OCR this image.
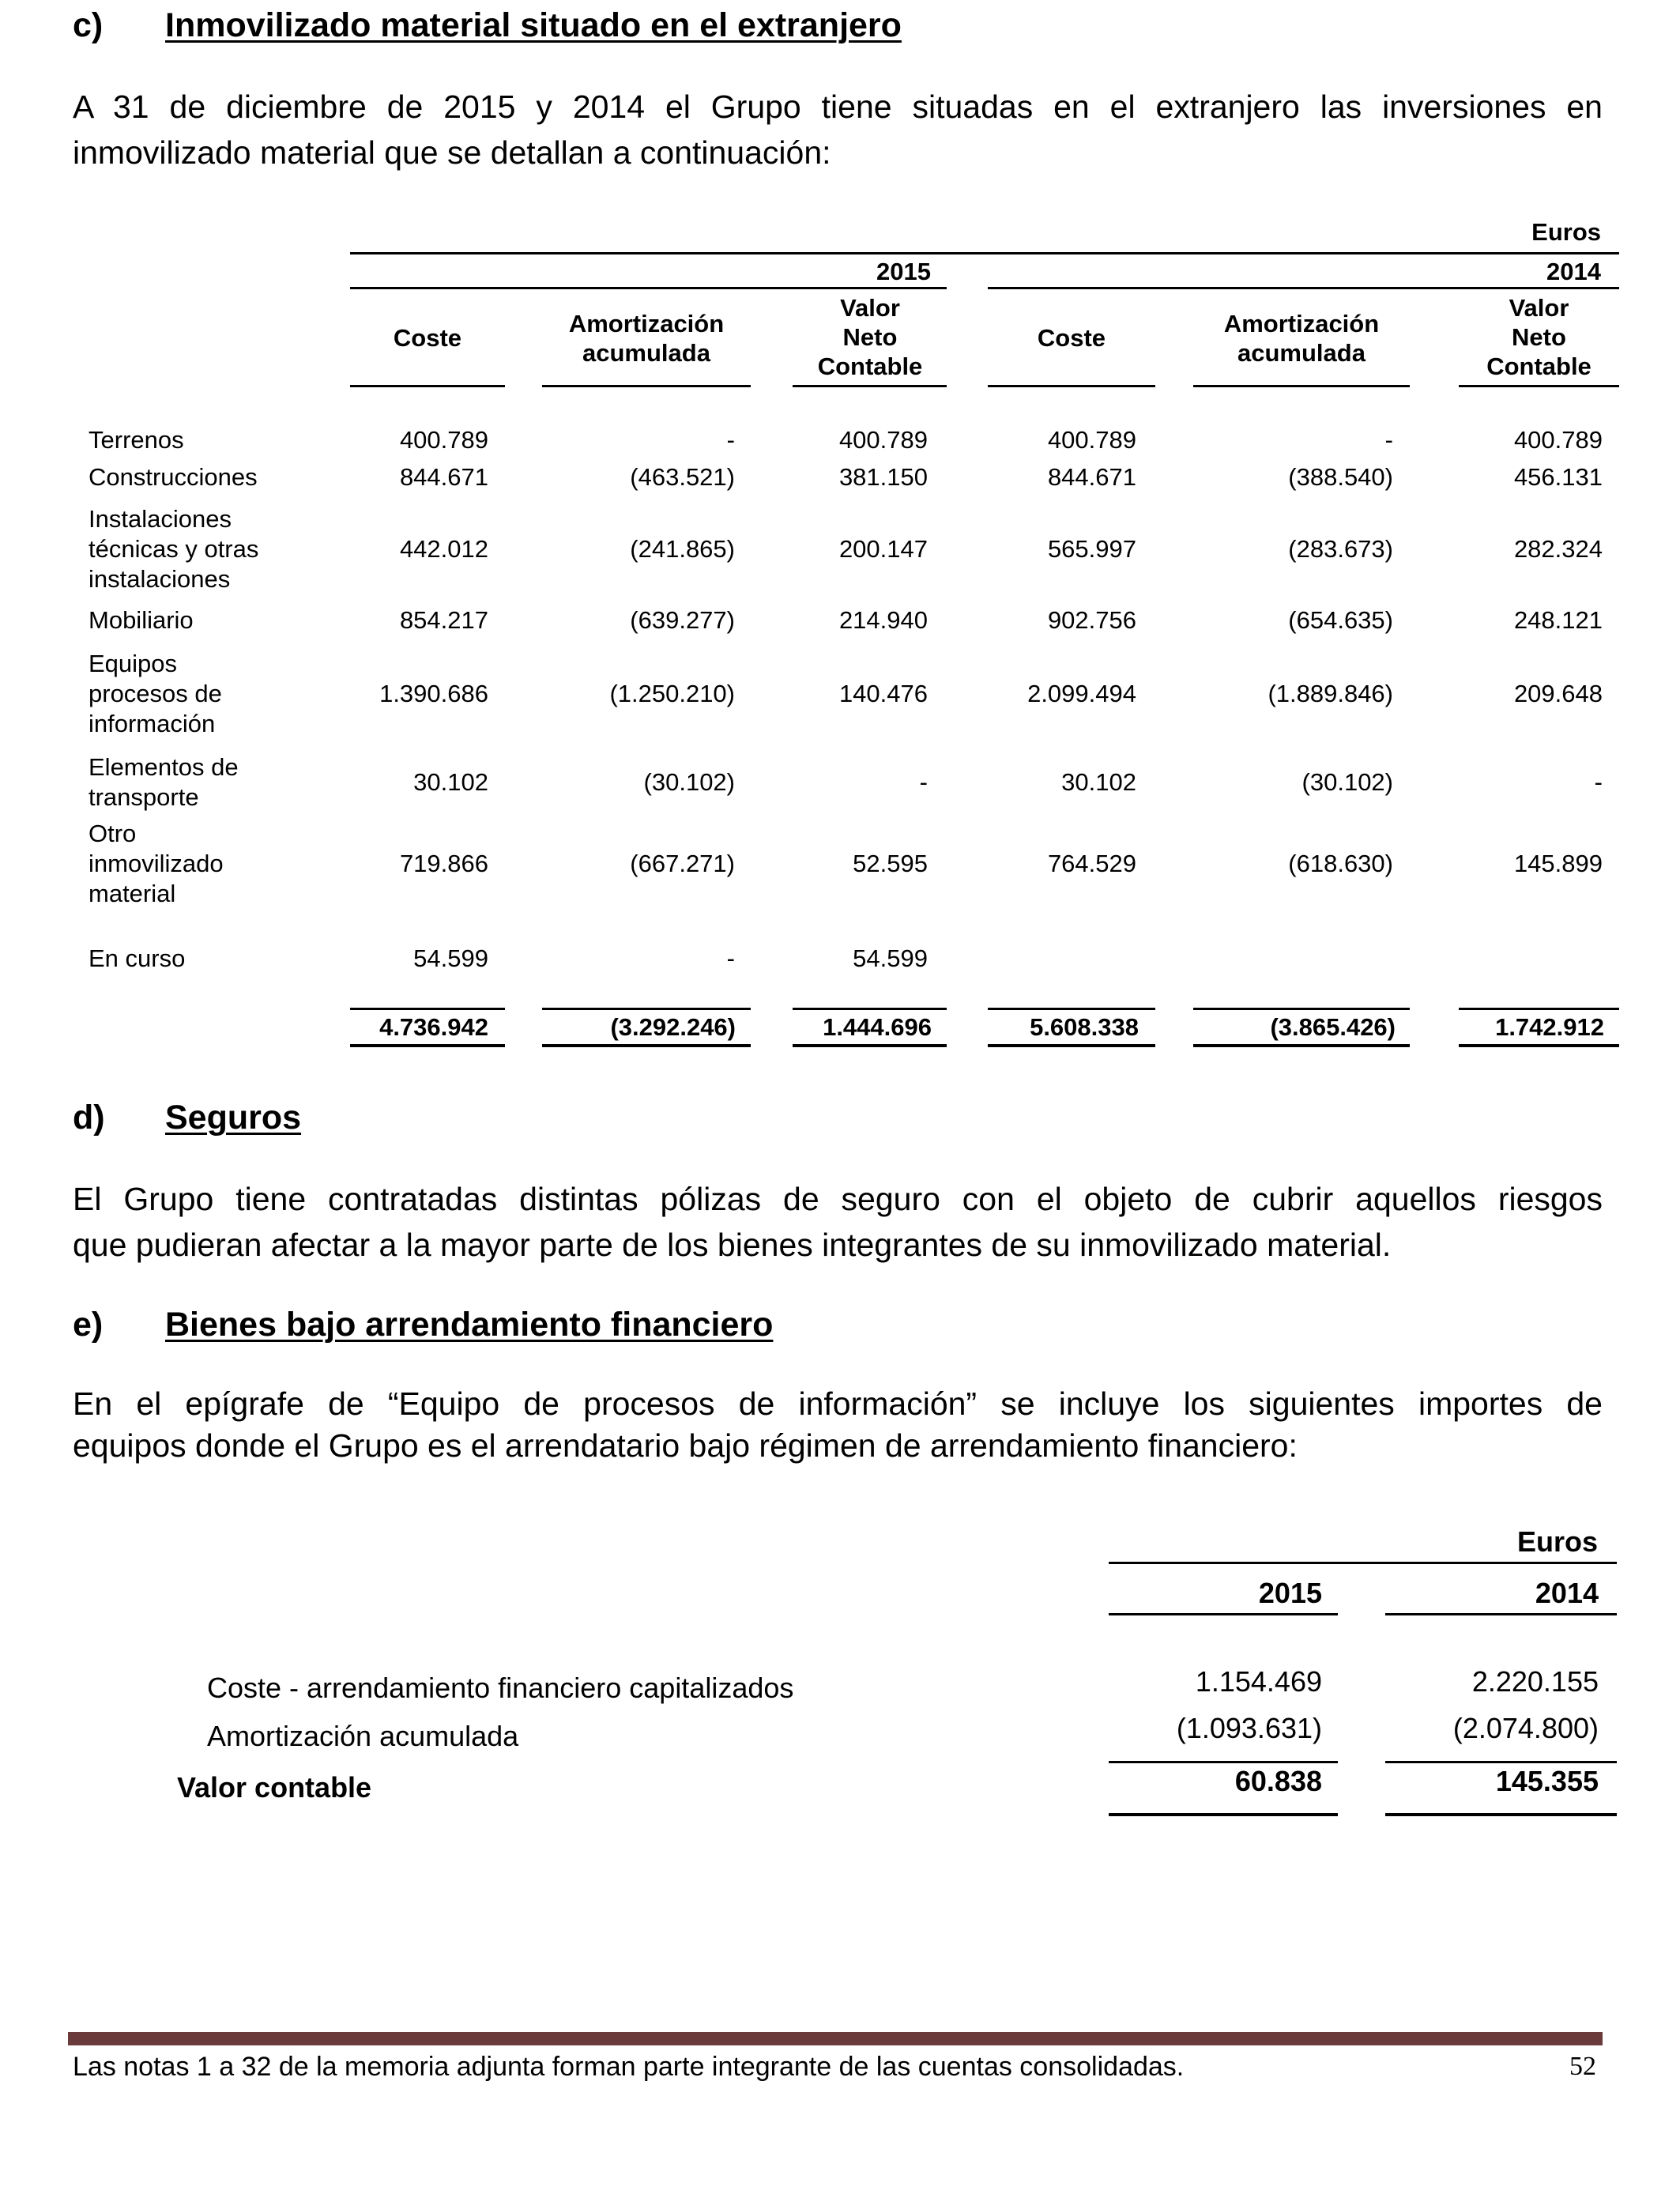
c) Inmovilizado material situado en el extranjero
A 31 de diciembre de 2015 y 2014 el Grupo tiene situadas en el extranjero las inversiones en
inmovilizado material que se detallan a continuación:
Euros
2015	2014
Coste
Amortización
acumulada
Valor
Neto
Contable
Coste
Amortización
acumulada
Valor
Neto
Contable
Terrenos	400.789	-	400.789	400.789	-	400.789
Construcciones	844.671	(463.521)	381.150	844.671	(388.540)	456.131
Instalaciones
técnicas y otras
instalaciones
442.012	(241.865)	200.147	565.997	(283.673)	282.324
Mobiliario	854.217	(639.277)	214.940	902.756	(654.635)	248.121
Equipos
procesos de
información
1.390.686	(1.250.210)	140.476	2.099.494	(1.889.846)	209.648
Elementos de
transporte
30.102	(30.102)	-	30.102	(30.102)	-
Otro
inmovilizado
material
719.866	(667.271)	52.595	764.529	(618.630)	145.899
En curso	54.599	-	54.599
4.736.942	(3.292.246)	1.444.696	5.608.338	(3.865.426)	1.742.912
d) Seguros
El Grupo tiene contratadas distintas pólizas de seguro con el objeto de cubrir aquellos riesgos
que pudieran afectar a la mayor parte de los bienes integrantes de su inmovilizado material.
e) Bienes bajo arrendamiento financiero
En el epígrafe de “Equipo de procesos de información” se incluye los siguientes importes de
equipos donde el Grupo es el arrendatario bajo régimen de arrendamiento financiero:
Euros
2015	2014
Coste - arrendamiento financiero capitalizados	1.154.469	2.220.155
Amortización acumulada	(1.093.631)	(2.074.800)
Valor contable	60.838	145.355
Las notas 1 a 32 de la memoria adjunta forman parte integrante de las cuentas consolidadas.	52
